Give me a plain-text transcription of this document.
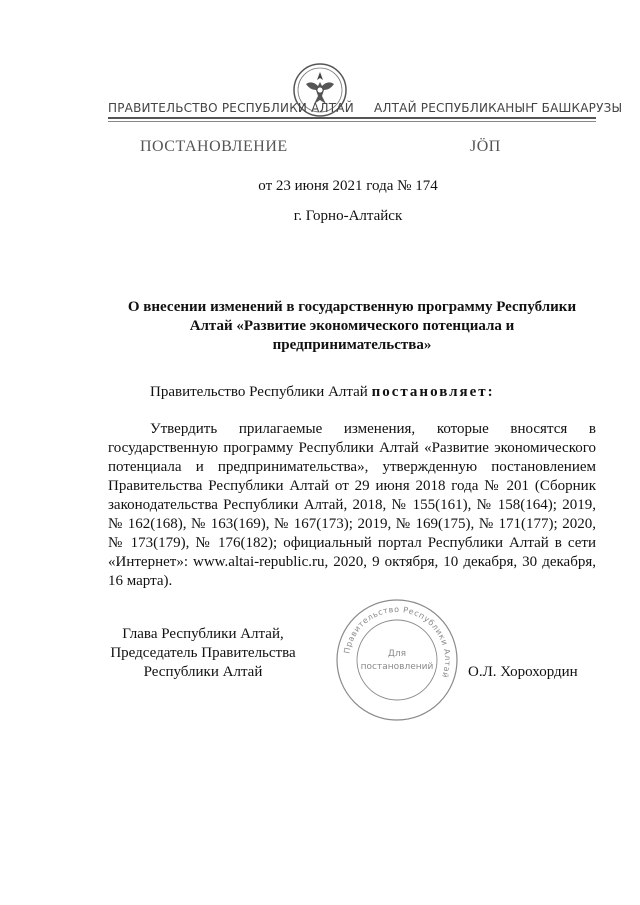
ПРАВИТЕЛЬСТВО РЕСПУБЛИКИ АЛТАЙ АЛТАЙ РЕСПУБЛИКАНЫҤ БАШКАРУЗЫ
ПОСТАНОВЛЕНИЕ	ЈÖП
от 23 июня 2021 года № 174
г. Горно-Алтайск
О внесении изменений в государственную программу Республики Алтай «Развитие экономического потенциала и предпринимательства»
Правительство Республики Алтай постановляет:
Утвердить прилагаемые изменения, которые вносятся в государственную программу Республики Алтай «Развитие экономического потенциала и предпринимательства», утвержденную постановлением Правительства Республики Алтай от 29 июня 2018 года № 201 (Сборник законодательства Республики Алтай, 2018, № 155(161), № 158(164); 2019, № 162(168), № 163(169), № 167(173); 2019, № 169(175), № 171(177); 2020, № 173(179), № 176(182); официальный портал Республики Алтай в сети «Интернет»: www.altai-republic.ru, 2020, 9 октября, 10 декабря, 30 декабря, 16 марта).
Глава Республики Алтай,
Председатель Правительства
Республики Алтай
Правительство Республики Алтай
Для
постановлений О.Л. Хорохордин
